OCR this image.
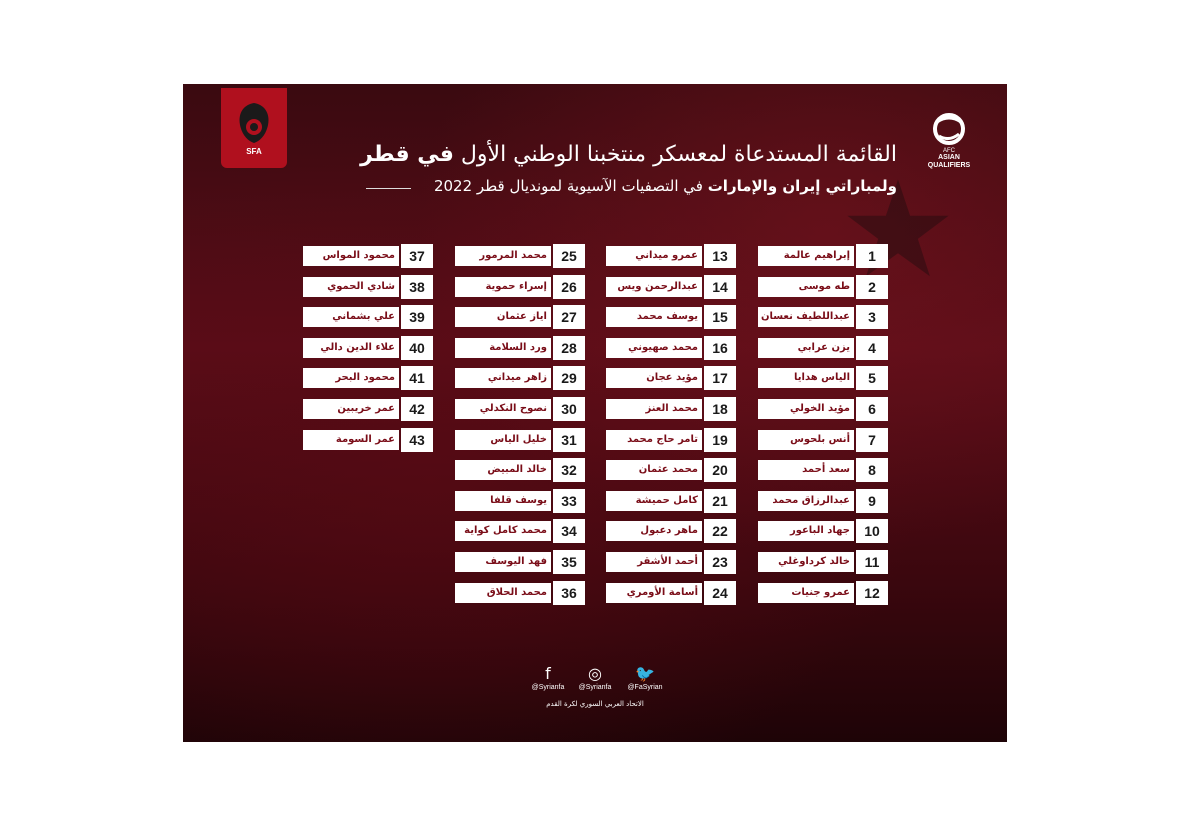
SFA	AFC
ASIAN
QUALIFIERS
القائمة المستدعاة لمعسكر منتخبنا الوطني الأول في قطر
ولمباراتي إيران والإمارات في التصفيات الآسيوية لمونديال قطر 2022
إبراهيم عالمة	1
طه موسى	2
عبداللطيف نعسان	3
يزن عرابي	4
الياس هدايا	5
مؤيد الخولي	6
أنس بلحوس	7
سعد أحمد	8
عبدالرزاق محمد	9
جهاد الباعور	10
خالد كرداوغلي	11
عمرو جنيات	12
عمرو ميداني	13
عبدالرحمن ويس	14
يوسف محمد	15
محمد صهيوني	16
مؤيد عجان	17
محمد العنز	18
تامر حاج محمد	19
محمد عثمان	20
كامل حميشة	21
ماهر دعبول	22
أحمد الأشقر	23
أسامة الأومري	24
محمد المرمور	25
إسراء حموية	26
اياز عثمان	27
ورد السلامة	28
زاهر ميداني	29
نصوح النكدلي	30
خليل الياس	31
خالد المبيض	32
يوسف قلفا	33
محمد كامل كواية	34
فهد اليوسف	35
محمد الحلاق	36
محمود المواس	37
شادي الحموي	38
علي بشماني	39
علاء الدين دالي	40
محمود البحر	41
عمر خريبين	42
عمر السومة	43
f
@Syrianfa
◎
@Syrianfa
🐦
@FaSyrian
الاتحاد العربي السوري لكرة القدم
